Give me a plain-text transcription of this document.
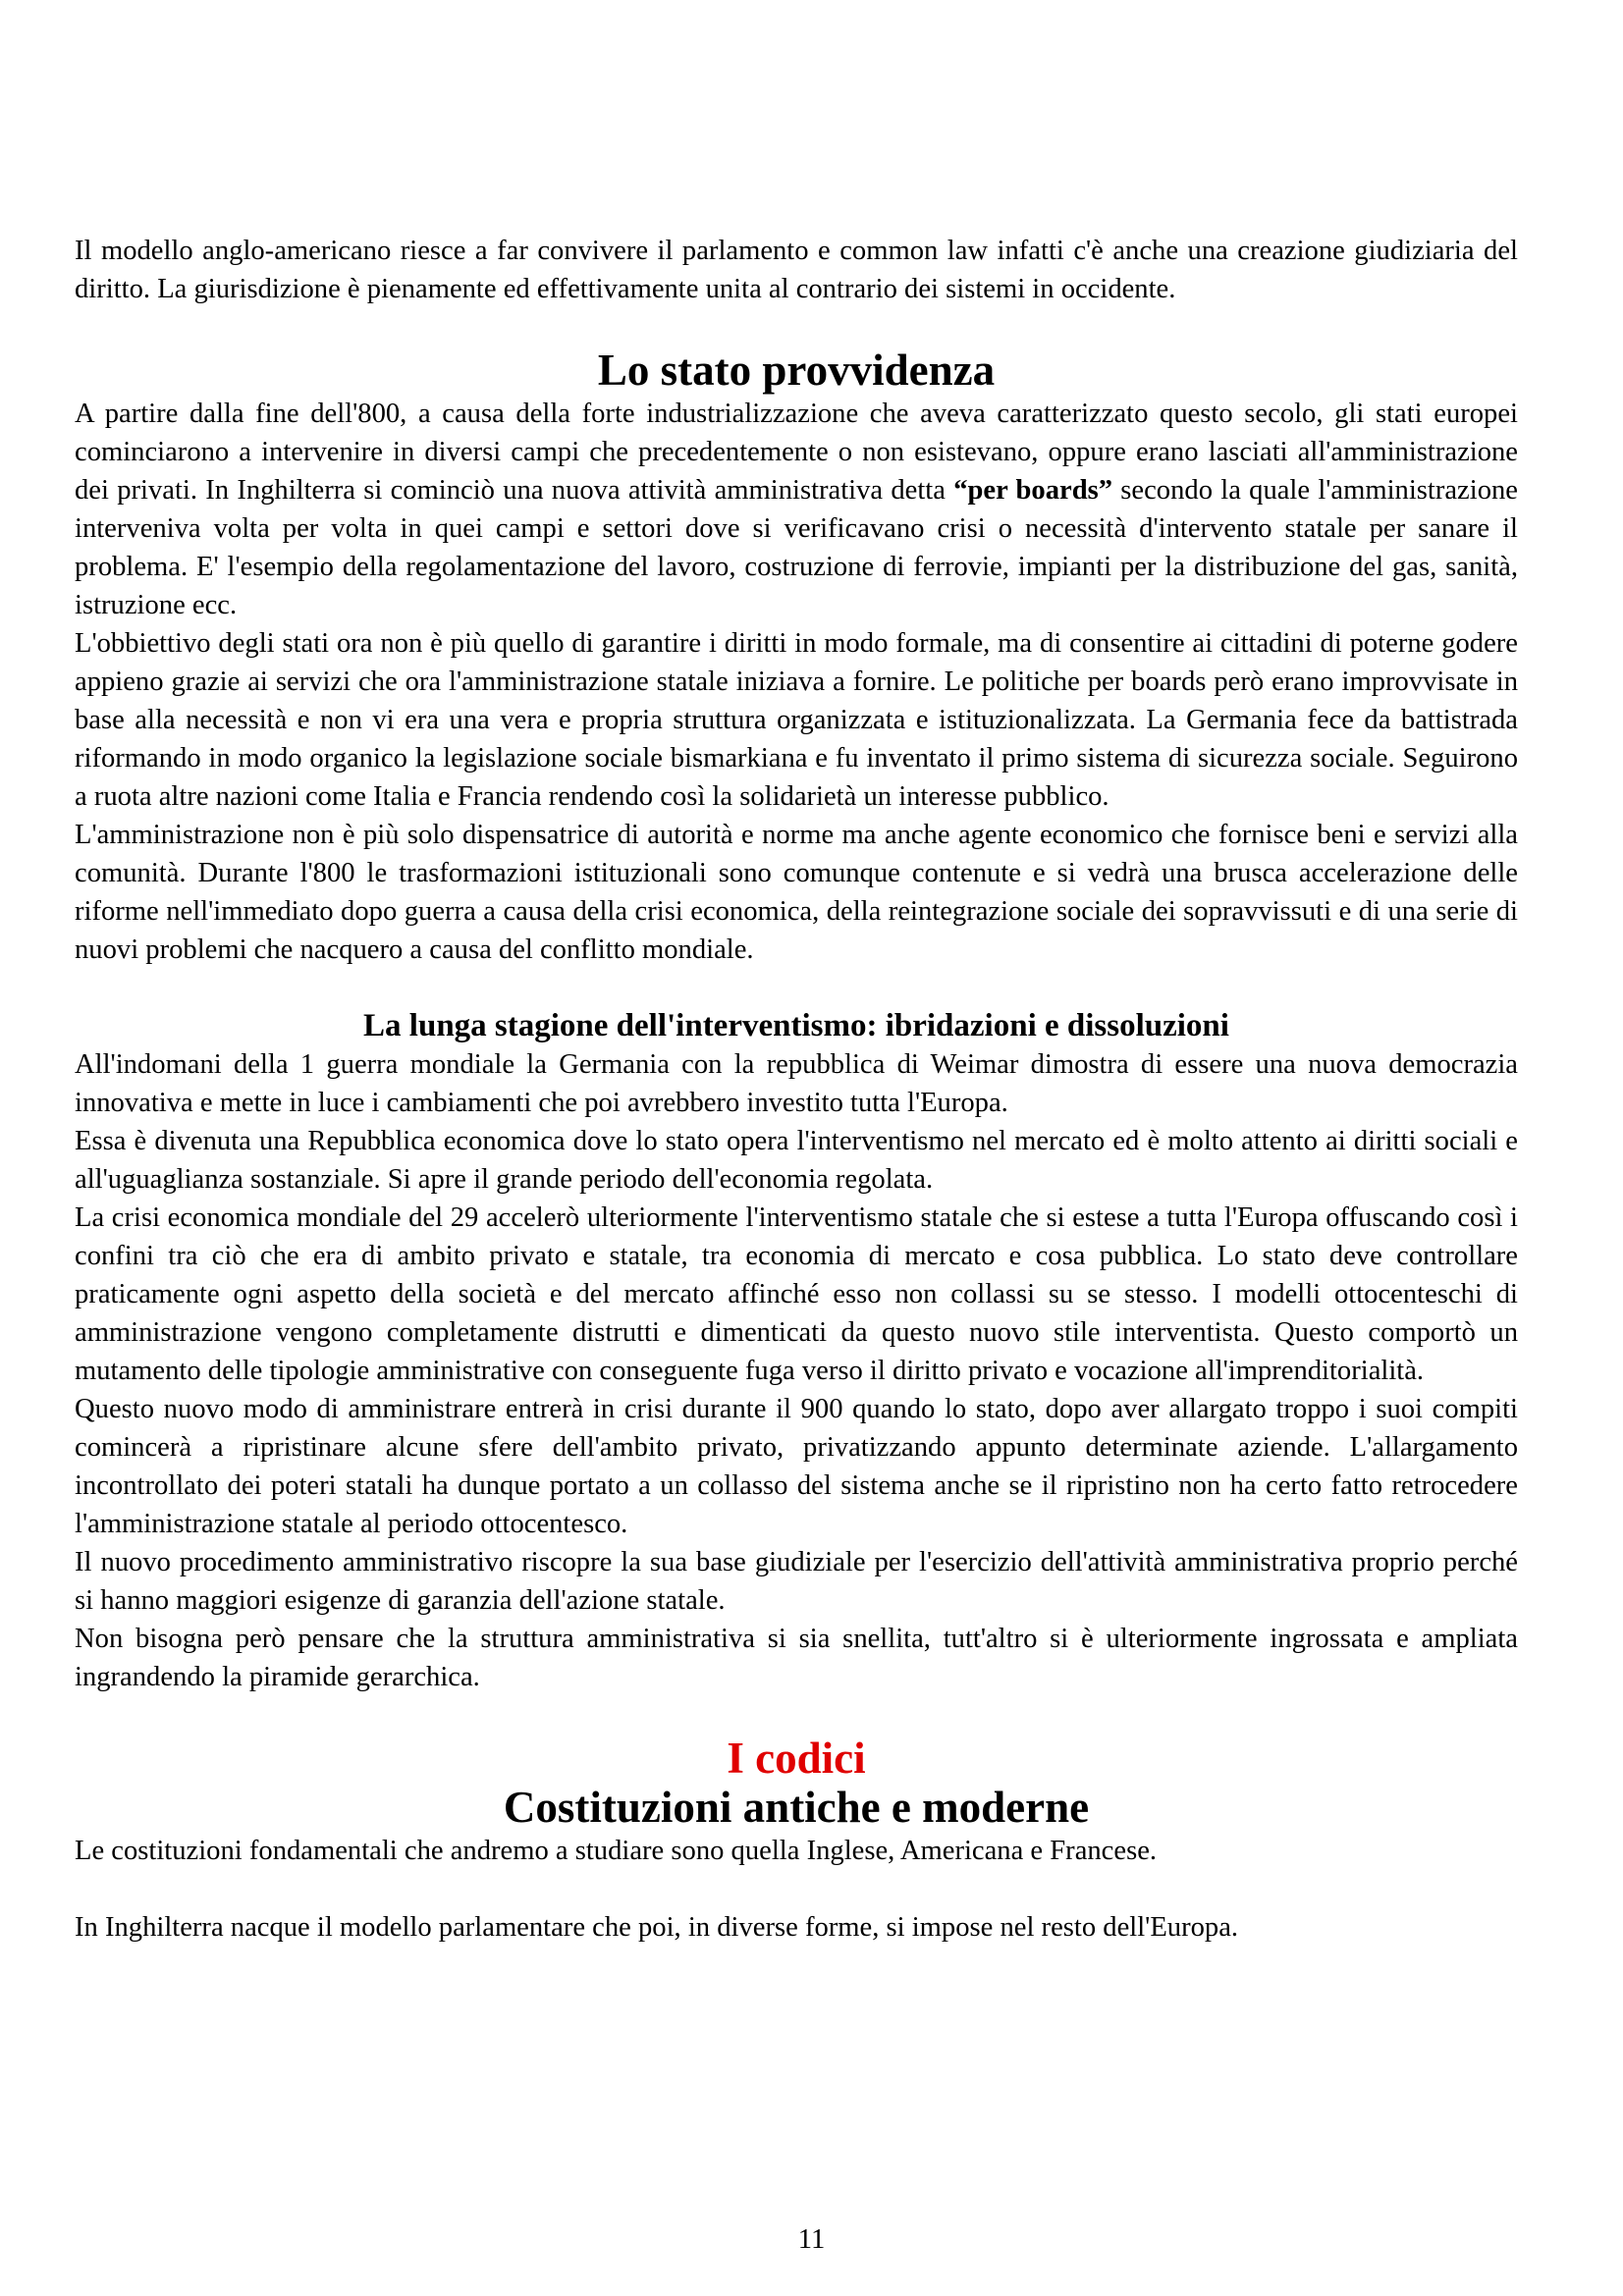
Il modello anglo-americano riesce a far convivere il parlamento e common law infatti c'è anche una creazione giudiziaria del diritto. La giurisdizione è pienamente ed effettivamente unita al contrario dei sistemi in occidente.

Lo stato provvidenza

A partire dalla fine dell'800, a causa della forte industrializzazione che aveva caratterizzato questo secolo, gli stati europei cominciarono a intervenire in diversi campi che precedentemente o non esistevano, oppure erano lasciati all'amministrazione dei privati. In Inghilterra si cominciò una nuova attività amministrativa detta “per boards” secondo la quale l'amministrazione interveniva volta per volta in quei campi e settori dove si verificavano crisi o necessità d'intervento statale per sanare il problema. E' l'esempio della regolamentazione del lavoro, costruzione di ferrovie, impianti per la distribuzione del gas, sanità, istruzione ecc.

L'obbiettivo degli stati ora non è più quello di garantire i diritti in modo formale, ma di consentire ai cittadini di poterne godere appieno grazie ai servizi che ora l'amministrazione statale iniziava a fornire. Le politiche per boards però erano improvvisate in base alla necessità e non vi era una vera e propria struttura organizzata e istituzionalizzata. La Germania fece da battistrada riformando in modo organico la legislazione sociale bismarkiana e fu inventato il primo sistema di sicurezza sociale. Seguirono a ruota altre nazioni come Italia e Francia rendendo così la solidarietà un interesse pubblico.

L'amministrazione non è più solo dispensatrice di autorità e norme ma anche agente economico che fornisce beni e servizi alla comunità. Durante l'800 le trasformazioni istituzionali sono comunque contenute e si vedrà una brusca accelerazione delle riforme nell'immediato dopo guerra a causa della crisi economica, della reintegrazione sociale dei sopravvissuti e di una serie di nuovi problemi che nacquero a causa del conflitto mondiale.

La lunga stagione dell'interventismo: ibridazioni e dissoluzioni

All'indomani della 1 guerra mondiale la Germania con la repubblica di Weimar dimostra di essere una nuova democrazia innovativa e mette in luce i cambiamenti che poi avrebbero investito tutta l'Europa.

Essa è divenuta una Repubblica economica dove lo stato opera l'interventismo nel mercato ed è molto attento ai diritti sociali e all'uguaglianza sostanziale. Si apre il grande periodo dell'economia regolata.

La crisi economica mondiale del 29 accelerò ulteriormente l'interventismo statale che si estese a tutta l'Europa offuscando così i confini tra ciò che era di ambito privato e statale, tra economia di mercato e cosa pubblica. Lo stato deve controllare praticamente ogni aspetto della società e del mercato affinché esso non collassi su se stesso. I modelli ottocenteschi di amministrazione vengono completamente distrutti e dimenticati da questo nuovo stile interventista. Questo comportò un mutamento delle tipologie amministrative con conseguente fuga verso il diritto privato e vocazione all'imprenditorialità.

Questo nuovo modo di amministrare entrerà in crisi durante il 900 quando lo stato, dopo aver allargato troppo i suoi compiti comincerà a ripristinare alcune sfere dell'ambito privato, privatizzando appunto determinate aziende. L'allargamento incontrollato dei poteri statali ha dunque portato a un collasso del sistema anche se il ripristino non ha certo fatto retrocedere l'amministrazione statale al periodo ottocentesco.

Il nuovo procedimento amministrativo riscopre la sua base giudiziale per l'esercizio dell'attività amministrativa proprio perché si hanno maggiori esigenze di garanzia dell'azione statale.

Non bisogna però pensare che la struttura amministrativa si sia snellita, tutt'altro si è ulteriormente ingrossata e ampliata ingrandendo la piramide gerarchica.

I codici
Costituzioni antiche e moderne

Le costituzioni fondamentali che andremo a studiare sono quella Inglese, Americana e Francese.

In Inghilterra nacque il modello parlamentare che poi, in diverse forme, si impose nel resto dell'Europa.

11
